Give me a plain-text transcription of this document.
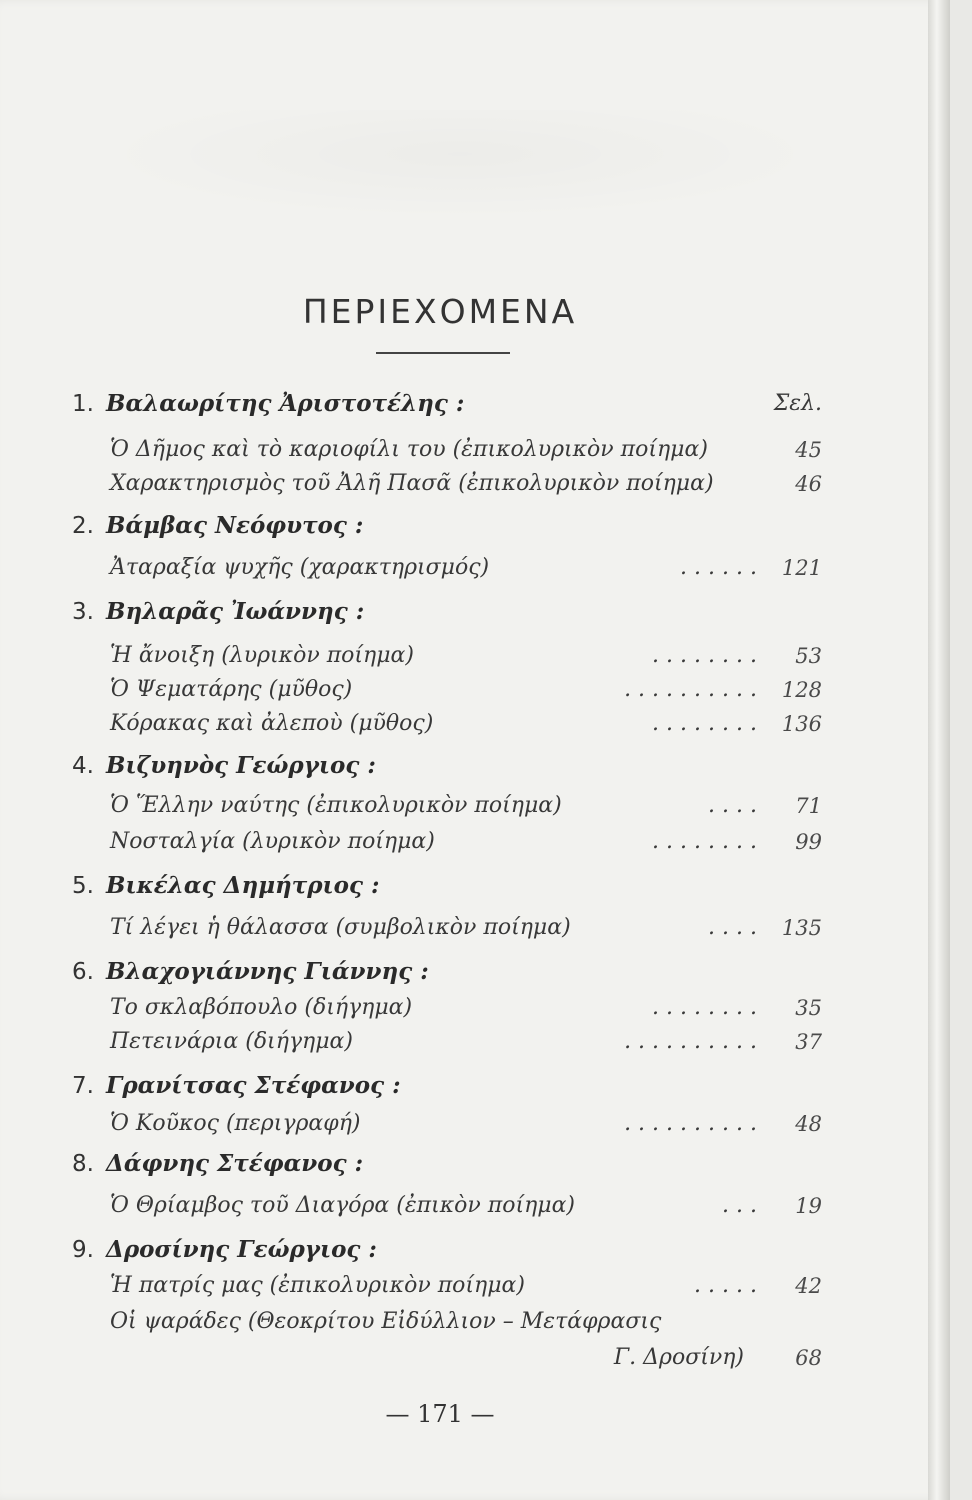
ΠΕΡΙΕΧΟΜΕΝΑ
1. Βαλαωρίτης Ἀριστοτέλης :	Σελ.
Ὁ Δῆμος καὶ τὸ καριοφίλι του (ἐπικολυρικὸν ποίημα)	45
Χαρακτηρισμὸς τοῦ Ἀλῆ Πασᾶ (ἐπικολυρικὸν ποίημα)	46
2. Βάμβας Νεόφυτος :
Ἀταραξία ψυχῆς (χαρακτηρισμός)	...... 121
3. Βηλαρᾶς Ἰωάννης :
Ἡ ἄνοιξη (λυρικὸν ποίημα)	........	53
Ὁ Ψεματάρης (μῦθος)	.......... 128
Κόρακας καὶ ἀλεποὺ (μῦθος)	........ 136
4. Βιζυηνὸς Γεώργιος :
Ὁ Ἕλλην ναύτης (ἐπικολυρικὸν ποίημα)	....	71
Νοσταλγία (λυρικὸν ποίημα)	........	99
5. Βικέλας Δημήτριος :
Τί λέγει ἡ θάλασσα (συμβολικὸν ποίημα)	.... 135
6. Βλαχογιάννης Γιάννης :
Το σκλαβόπουλο (διήγημα)	........	35
Πετεινάρια (διήγημα)	..........	37
7. Γρανίτσας Στέφανος :
Ὁ Κοῦκος (περιγραφή)	..........	48
8. Δάφνης Στέφανος :
Ὁ Θρίαμβος τοῦ Διαγόρα (ἐπικὸν ποίημα)	...	19
9. Δροσίνης Γεώργιος :
Ἡ πατρίς μας (ἐπικολυρικὸν ποίημα)	.....	42
Οἱ ψαράδες (Θεοκρίτου Εἰδύλλιον – Μετάφρασις
Γ. Δροσίνη)	68
— 171 —
